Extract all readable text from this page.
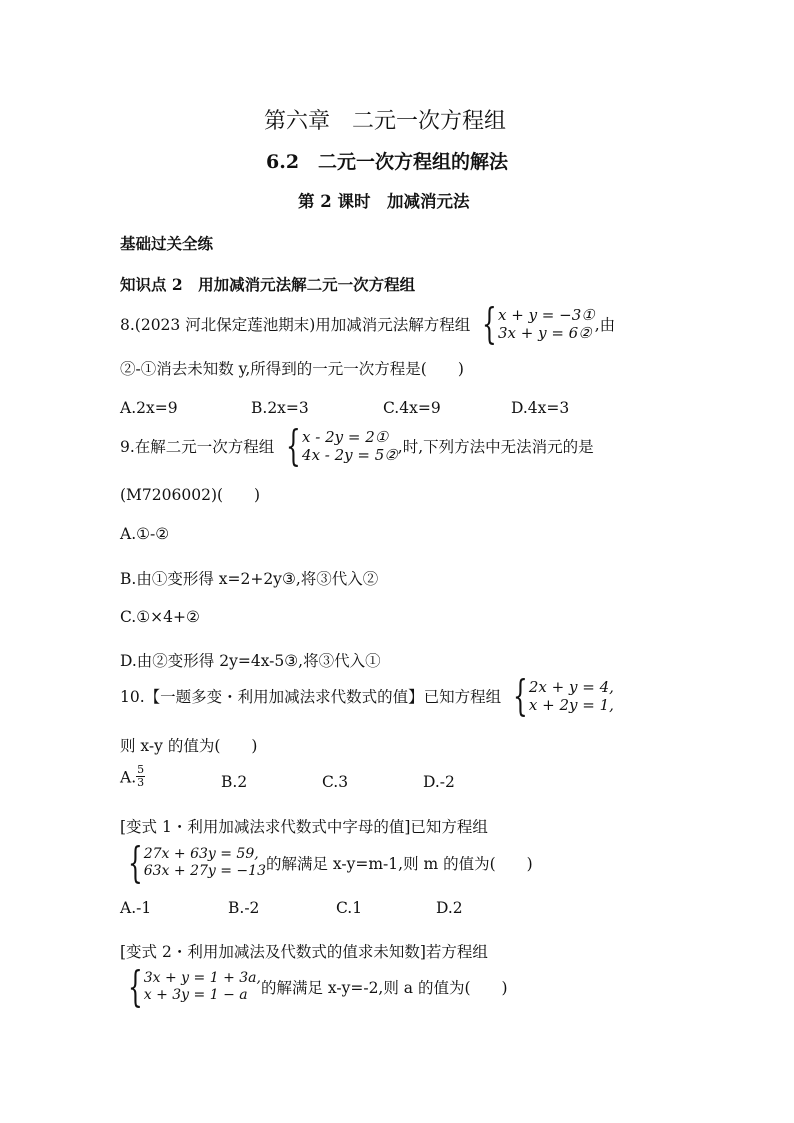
第六章　二元一次方程组
6.2　二元一次方程组的解法
第 2 课时　加减消元法
基础过关全练
知识点 2　用加减消元法解二元一次方程组
8.(2023 河北保定莲池期末)用加减消元法解方程组 { x + y = −3①
3x + y = 6② ,由
②-①消去未知数 y,所得到的一元一次方程是(　　)
A.2x=9	B.2x=3	C.4x=9	D.4x=3
9.在解二元一次方程组 { x - 2y = 2①
4x - 2y = 5② ,时,下列方法中无法消元的是
(M7206002)(　　)
A.①-②
B.由①变形得 x=2+2y③,将③代入②
C.①×4+②
D.由②变形得 2y=4x-5③,将③代入①
10.【一题多变・利用加减法求代数式的值】已知方程组 { 2x + y = 4,
x + 2y = 1,
则 x-y 的值为(　　)
A. $\frac{5}{3}$	B.2	C.3	D.-2
[变式 1・利用加减法求代数式中字母的值]已知方程组
{ 27x + 63y = 59,
63x + 27y = −13 的解满足 x-y=m-1,则 m 的值为(　　)
A.-1	B.-2	C.1	D.2
[变式 2・利用加减法及代数式的值求未知数]若方程组
{ 3x + y = 1 + 3a,
x + 3y = 1 − a 的解满足 x-y=-2,则 a 的值为(　　)
